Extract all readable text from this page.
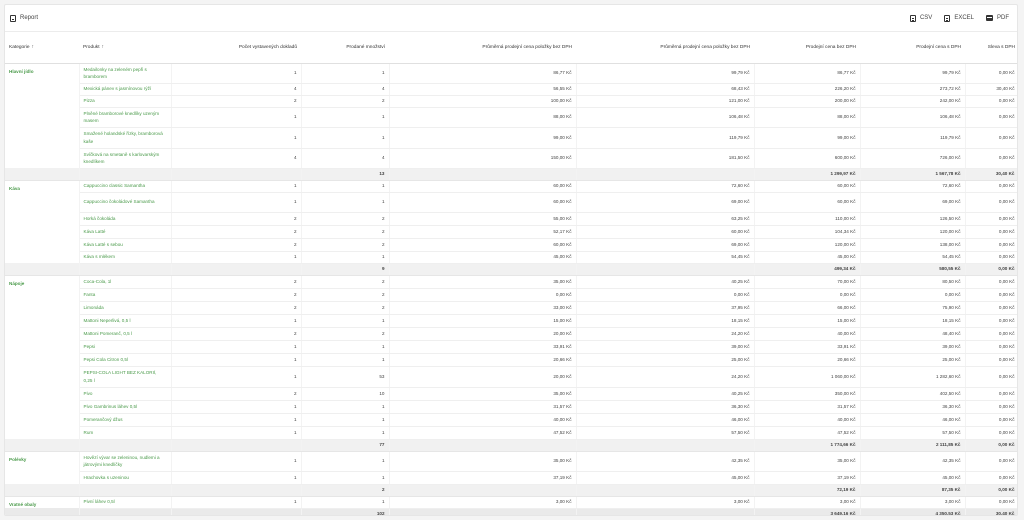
Report	CSV	EXCEL	PDF
Kategorie ↑	Produkt ↑	Počet vystavených dokladů	Prodané množství	Průměrná prodejní cena položky bez DPH	Průměrná prodejní cena položky bez DPH	Prodejní cena bez DPH	Prodejní cena s DPH	Sleva s DPH
Hlavní jídlo	Medailonky na zeleném pepři s bramborem	1	1	86,77 Kč	99,79 Kč	86,77 Kč	99,79 Kč	0,00 Kč
	Mexická pánev s jasmínovou rýží	4	4	56,55 Kč	68,43 Kč	226,20 Kč	273,72 Kč	30,40 Kč
	Pizza	2	2	100,00 Kč	121,00 Kč	200,00 Kč	242,00 Kč	0,00 Kč
	Plněné bramborové knedlíky uzeným masem	1	1	88,00 Kč	106,48 Kč	88,00 Kč	106,48 Kč	0,00 Kč
	Smažené holandské řízky, bramborová kaše	1	1	99,00 Kč	119,79 Kč	99,00 Kč	119,79 Kč	0,00 Kč
	Svíčková na smetaně s karlovarským knedlíkem	4	4	150,00 Kč	181,50 Kč	600,00 Kč	726,00 Kč	0,00 Kč
			13			1 299,97 Kč	1 567,78 Kč	30,40 Kč
Káva	Cappuccino classic Samantha	1	1	60,00 Kč	72,60 Kč	60,00 Kč	72,60 Kč	0,00 Kč
	Cappuccino čokoládové Samantha	1	1	60,00 Kč	69,00 Kč	60,00 Kč	69,00 Kč	0,00 Kč
	Horká čokoláda	2	2	55,00 Kč	63,25 Kč	110,00 Kč	126,50 Kč	0,00 Kč
	Káva Latté	2	2	52,17 Kč	60,00 Kč	104,34 Kč	120,00 Kč	0,00 Kč
	Káva Latté s sebou	2	2	60,00 Kč	69,00 Kč	120,00 Kč	138,00 Kč	0,00 Kč
	Káva s mlékem	1	1	45,00 Kč	54,45 Kč	45,00 Kč	54,45 Kč	0,00 Kč
			9			499,34 Kč	580,55 Kč	0,00 Kč
Nápoje	Coca-Cola, 1l	2	2	35,00 Kč	40,25 Kč	70,00 Kč	80,50 Kč	0,00 Kč
	Fanta	2	2	0,00 Kč	0,00 Kč	0,00 Kč	0,00 Kč	0,00 Kč
	Limonáda	2	2	33,00 Kč	37,95 Kč	66,00 Kč	75,90 Kč	0,00 Kč
	Mattoni Neperlivá, 0,5 l	1	1	15,00 Kč	18,15 Kč	15,00 Kč	18,15 Kč	0,00 Kč
	Mattoni Pomeranč, 0,5 l	2	2	20,00 Kč	24,20 Kč	40,00 Kč	48,40 Kč	0,00 Kč
	Pepsi	1	1	33,91 Kč	39,00 Kč	33,91 Kč	39,00 Kč	0,00 Kč
	Pepsi Cola Citron 0,5l	1	1	20,66 Kč	25,00 Kč	20,66 Kč	25,00 Kč	0,00 Kč
	PEPSI-COLA LIGHT BEZ KALORIÍ, 0,25 l	1	53	20,00 Kč	24,20 Kč	1 060,00 Kč	1 282,60 Kč	0,00 Kč
	Pivo	2	10	35,00 Kč	40,25 Kč	350,00 Kč	402,50 Kč	0,00 Kč
	Pivo Gambrinus láhev 0,5l	1	1	31,57 Kč	36,30 Kč	31,57 Kč	36,30 Kč	0,00 Kč
	Pomerančový džus	1	1	40,00 Kč	46,00 Kč	40,00 Kč	46,00 Kč	0,00 Kč
	Rum	1	1	47,52 Kč	57,50 Kč	47,52 Kč	57,50 Kč	0,00 Kč
			77			1 774,66 Kč	2 111,85 Kč	0,00 Kč
Polévky	Hovězí vývar se zeleninou, nudlemi a játrovými knedlíčky	1	1	35,00 Kč	42,35 Kč	35,00 Kč	42,35 Kč	0,00 Kč
	Hrachovka s uzeninou	1	1	37,19 Kč	45,00 Kč	37,19 Kč	45,00 Kč	0,00 Kč
			2			72,19 Kč	87,35 Kč	0,00 Kč
Vratné obaly	Pivní láhev 0,5l	1	1	3,00 Kč	3,00 Kč	3,00 Kč	3,00 Kč	0,00 Kč
			102			3 649,16 Kč	4 350,53 Kč	30,40 Kč
